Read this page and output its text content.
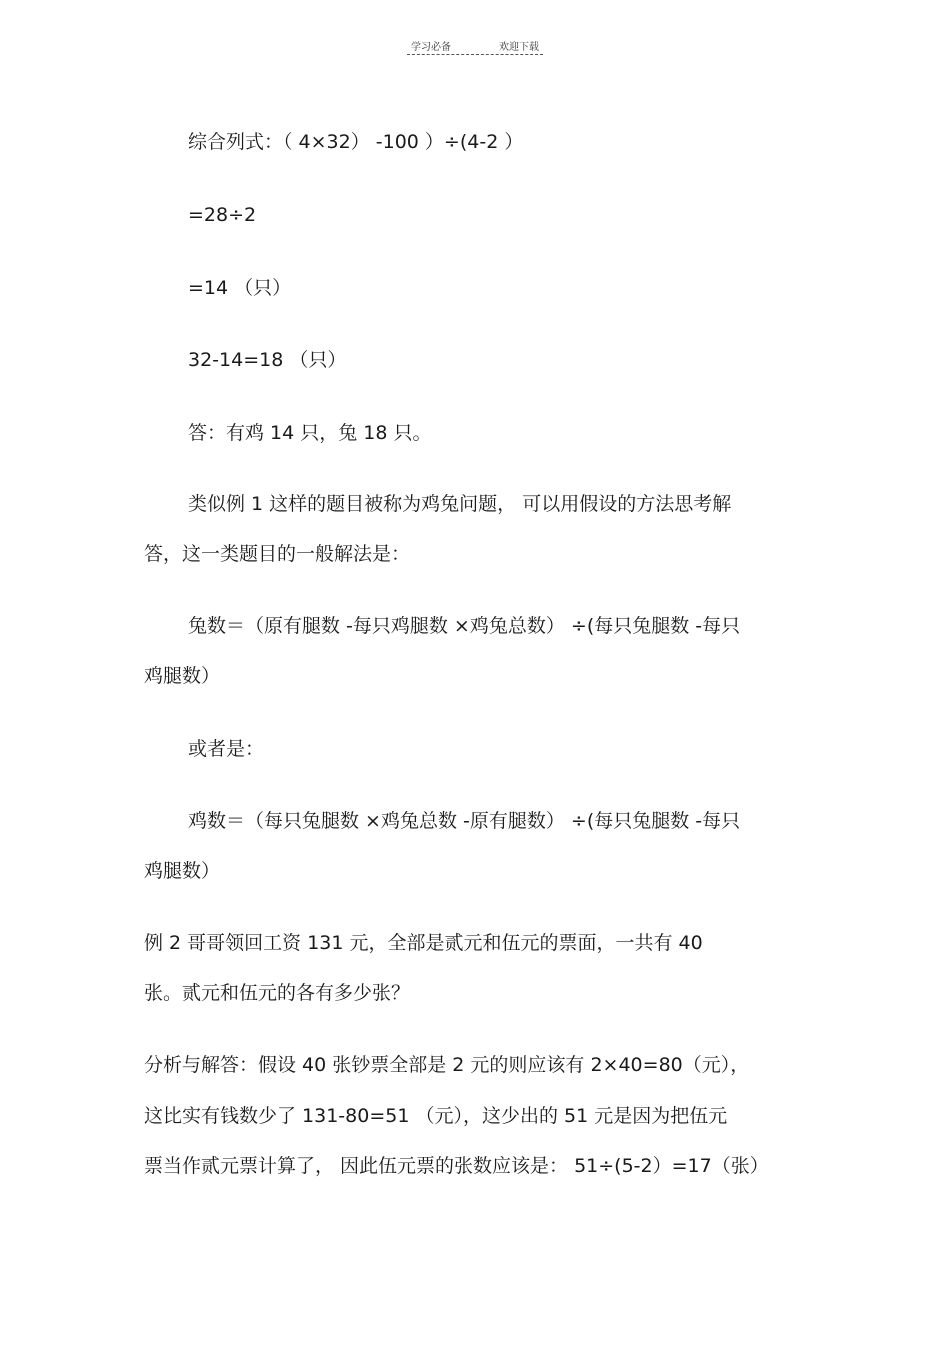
学习必备	欢迎下载
综合列式：（ 4×32） -100 ）÷(4-2 ）
=28÷2
=14 （只）
32-14=18 （只）
答：有鸡 14 只，兔 18 只。
类似例 1 这样的题目被称为鸡兔问题， 可以用假设的方法思考解
答，这一类题目的一般解法是：
兔数＝（原有腿数 -每只鸡腿数 ×鸡兔总数） ÷(每只兔腿数 -每只
鸡腿数）
或者是：
鸡数＝（每只兔腿数 ×鸡兔总数 -原有腿数） ÷(每只兔腿数 -每只
鸡腿数）
例 2 哥哥领回工资 131 元，全部是贰元和伍元的票面，一共有 40
张。贰元和伍元的各有多少张？
分析与解答：假设 40 张钞票全部是 2 元的则应该有 2×40=80（元），
这比实有钱数少了 131-80=51 （元），这少出的 51 元是因为把伍元
票当作贰元票计算了， 因此伍元票的张数应该是： 51÷(5-2）=17（张）
